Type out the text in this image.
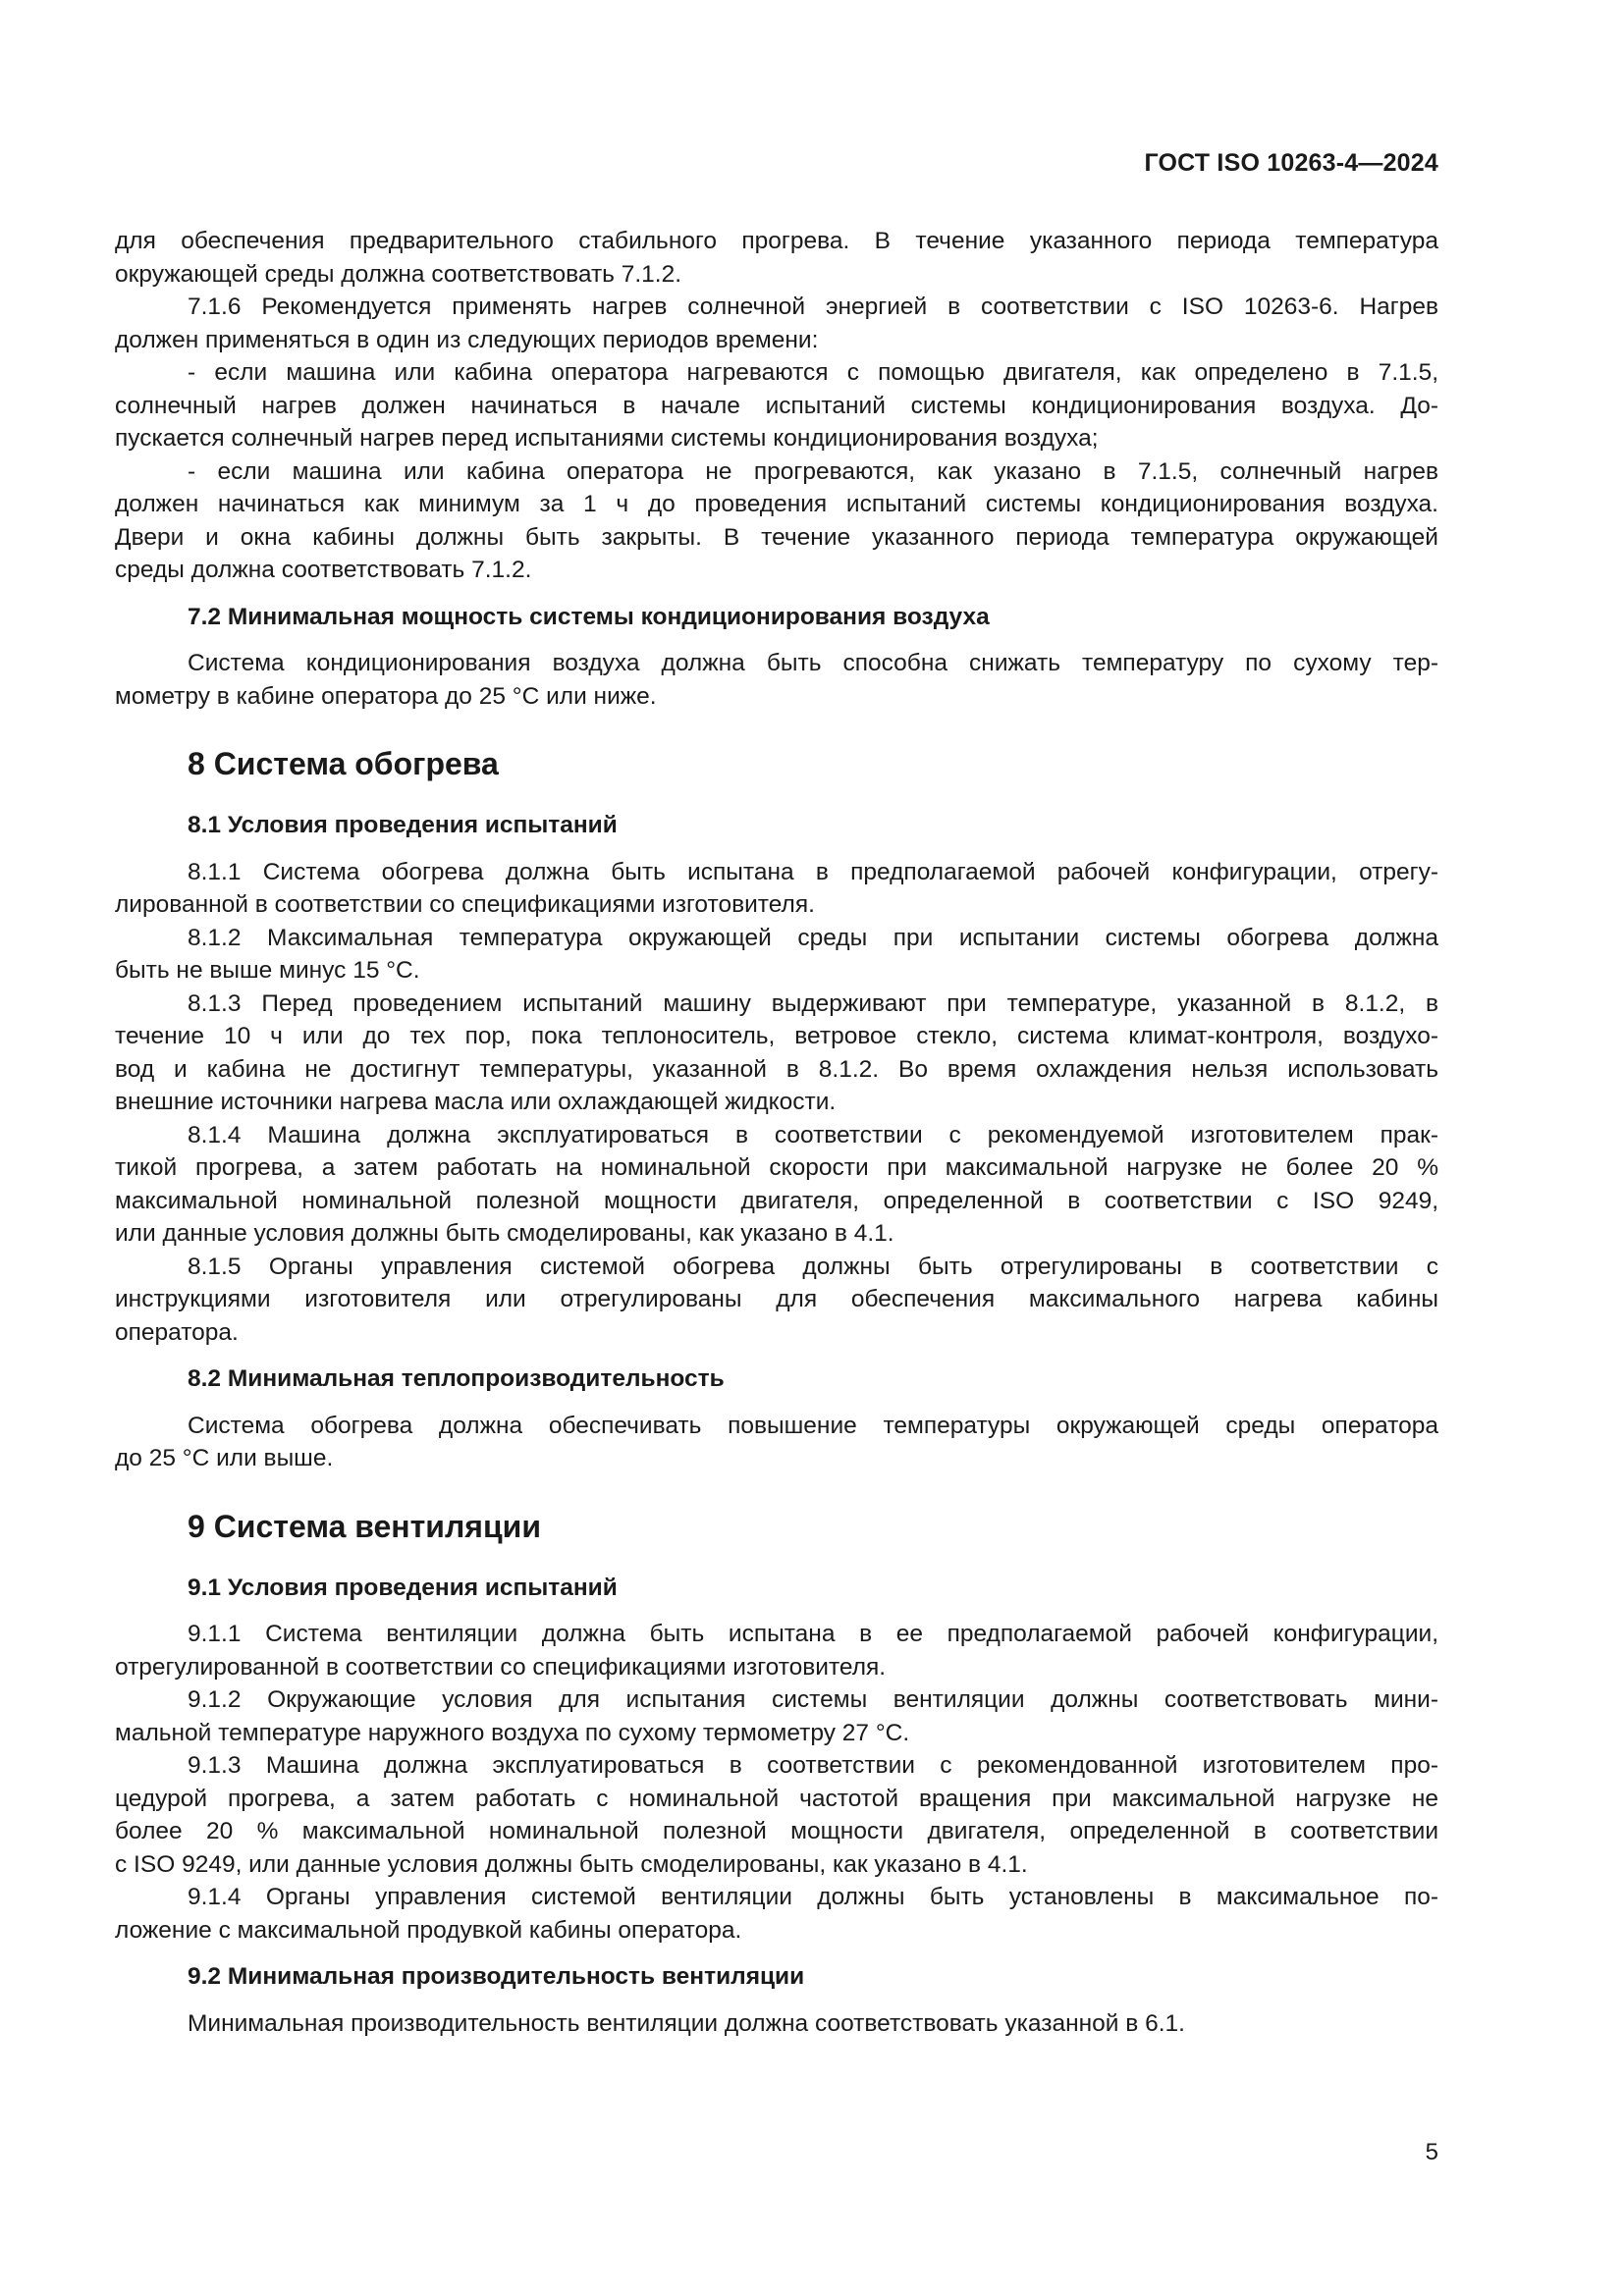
ГОСТ ISO 10263-4—2024

для обеспечения предварительного стабильного прогрева. В течение указанного периода температура
окружающей среды должна соответствовать 7.1.2.

7.1.6 Рекомендуется применять нагрев солнечной энергией в соответствии с ISO 10263-6. Нагрев
должен применяться в один из следующих периодов времени:

- если машина или кабина оператора нагреваются с помощью двигателя, как определено в 7.1.5,
солнечный нагрев должен начинаться в начале испытаний системы кондиционирования воздуха. До-
пускается солнечный нагрев перед испытаниями системы кондиционирования воздуха;

- если машина или кабина оператора не прогреваются, как указано в 7.1.5, солнечный нагрев
должен начинаться как минимум за 1 ч до проведения испытаний системы кондиционирования воздуха.
Двери и окна кабины должны быть закрыты. В течение указанного периода температура окружающей
среды должна соответствовать 7.1.2.

7.2 Минимальная мощность системы кондиционирования воздуха

Система кондиционирования воздуха должна быть способна снижать температуру по сухому тер-
мометру в кабине оператора до 25 °С или ниже.

8 Система обогрева
8.1 Условия проведения испытаний

8.1.1 Система обогрева должна быть испытана в предполагаемой рабочей конфигурации, отрегу-
лированной в соответствии со спецификациями изготовителя.

8.1.2 Максимальная температура окружающей среды при испытании системы обогрева должна
быть не выше минус 15 °С.

8.1.3 Перед проведением испытаний машину выдерживают при температуре, указанной в 8.1.2, в
течение 10 ч или до тех пор, пока теплоноситель, ветровое стекло, система климат-контроля, воздухо-
вод и кабина не достигнут температуры, указанной в 8.1.2. Во время охлаждения нельзя использовать
внешние источники нагрева масла или охлаждающей жидкости.

8.1.4 Машина должна эксплуатироваться в соответствии с рекомендуемой изготовителем прак-
тикой прогрева, а затем работать на номинальной скорости при максимальной нагрузке не более 20 %
максимальной номинальной полезной мощности двигателя, определенной в соответствии с ISO 9249,
или данные условия должны быть смоделированы, как указано в 4.1.

8.1.5 Органы управления системой обогрева должны быть отрегулированы в соответствии с
инструкциями изготовителя или отрегулированы для обеспечения максимального нагрева кабины
оператора.

8.2 Минимальная теплопроизводительность

Система обогрева должна обеспечивать повышение температуры окружающей среды оператора
до 25 °С или выше.

9 Система вентиляции
9.1 Условия проведения испытаний

9.1.1 Система вентиляции должна быть испытана в ее предполагаемой рабочей конфигурации,
отрегулированной в соответствии со спецификациями изготовителя.

9.1.2 Окружающие условия для испытания системы вентиляции должны соответствовать мини-
мальной температуре наружного воздуха по сухому термометру 27 °С.

9.1.3 Машина должна эксплуатироваться в соответствии с рекомендованной изготовителем про-
цедурой прогрева, а затем работать с номинальной частотой вращения при максимальной нагрузке не
более 20 % максимальной номинальной полезной мощности двигателя, определенной в соответствии
с ISO 9249, или данные условия должны быть смоделированы, как указано в 4.1.

9.1.4 Органы управления системой вентиляции должны быть установлены в максимальное по-
ложение с максимальной продувкой кабины оператора.

9.2 Минимальная производительность вентиляции

Минимальная производительность вентиляции должна соответствовать указанной в 6.1.

5
